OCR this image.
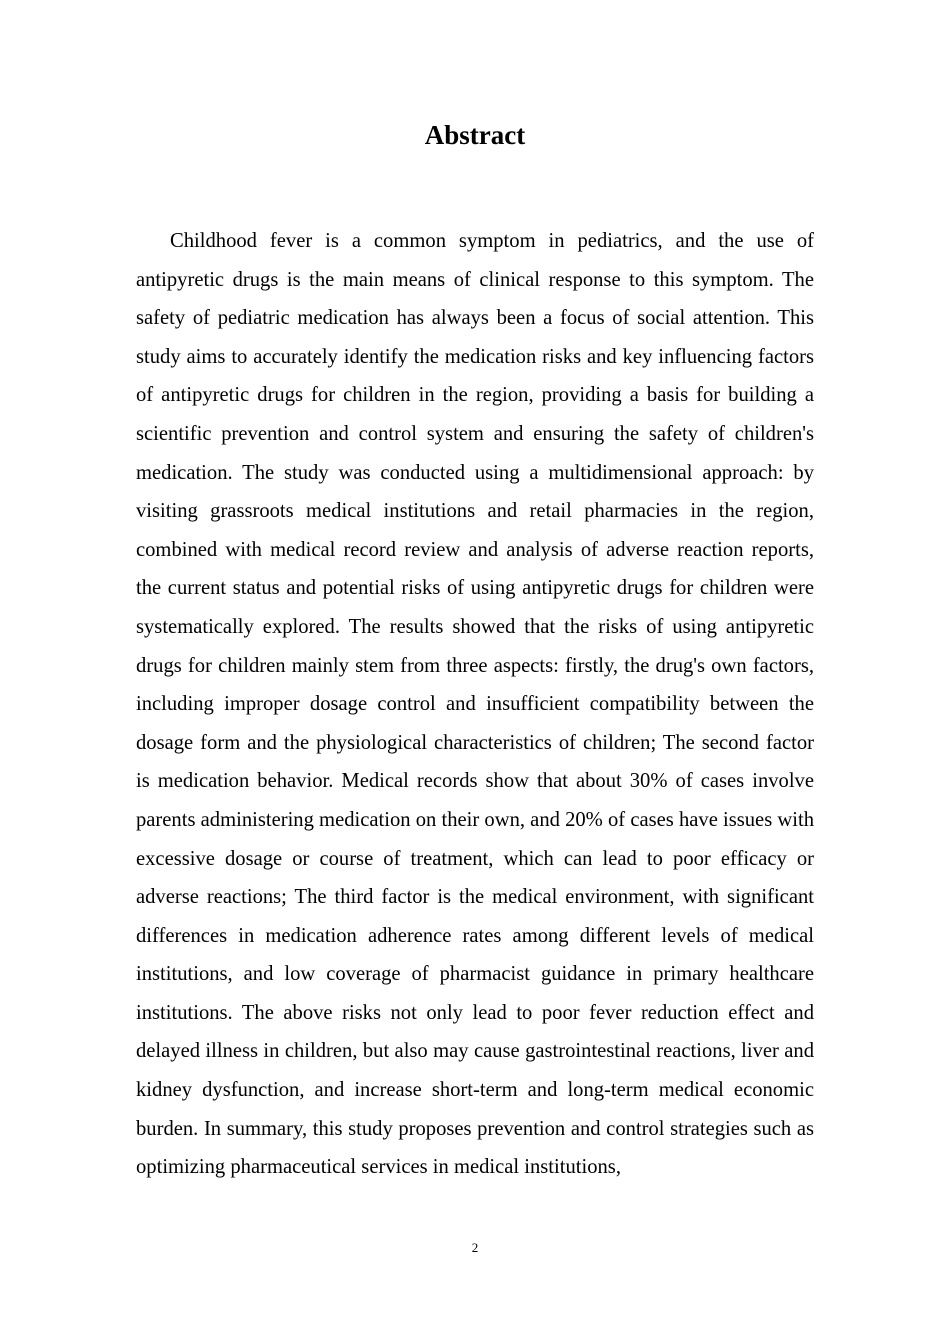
Abstract

Childhood fever is a common symptom in pediatrics, and the use of antipyretic drugs is the main means of clinical response to this symptom. The safety of pediatric medication has always been a focus of social attention. This study aims to accurately identify the medication risks and key influencing factors of antipyretic drugs for children in the region, providing a basis for building a scientific prevention and control system and ensuring the safety of children's medication. The study was conducted using a multidimensional approach: by visiting grassroots medical institutions and retail pharmacies in the region, combined with medical record review and analysis of adverse reaction reports, the current status and potential risks of using antipyretic drugs for children were systematically explored. The results showed that the risks of using antipyretic drugs for children mainly stem from three aspects: firstly, the drug's own factors, including improper dosage control and insufficient compatibility between the dosage form and the physiological characteristics of children; The second factor is medication behavior. Medical records show that about 30% of cases involve parents administering medication on their own, and 20% of cases have issues with excessive dosage or course of treatment, which can lead to poor efficacy or adverse reactions; The third factor is the medical environment, with significant differences in medication adherence rates among different levels of medical institutions, and low coverage of pharmacist guidance in primary healthcare institutions. The above risks not only lead to poor fever reduction effect and delayed illness in children, but also may cause gastrointestinal reactions, liver and kidney dysfunction, and increase short-term and long-term medical economic burden. In summary, this study proposes prevention and control strategies such as optimizing pharmaceutical services in medical institutions,

2
